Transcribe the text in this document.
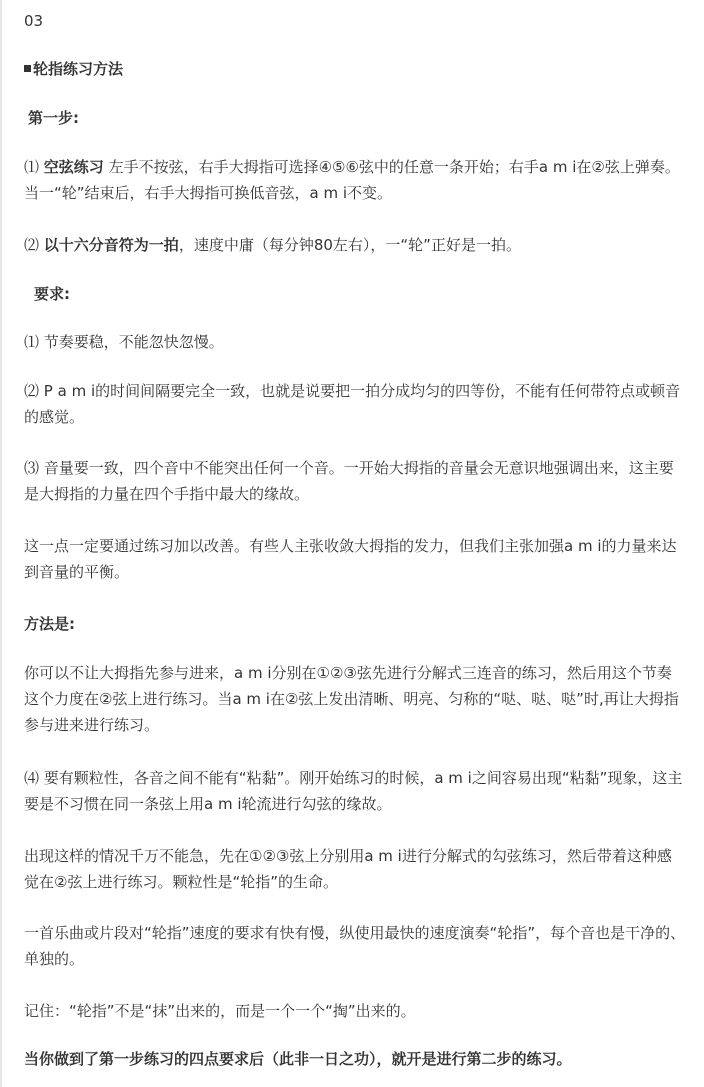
03
轮指练习方法
第一步:

⑴ 空弦练习 左手不按弦，右手大拇指可选择④⑤⑥弦中的任意一条开始；右手a m i在②弦上弹奏。当一“轮”结束后，右手大拇指可换低音弦，a m i不变。

⑵ 以十六分音符为一拍，速度中庸（每分钟80左右），一“轮”正好是一拍。

要求:

⑴ 节奏要稳，不能忽快忽慢。

⑵ P a m i的时间间隔要完全一致，也就是说要把一拍分成均匀的四等份，不能有任何带符点或顿音的感觉。

⑶ 音量要一致，四个音中不能突出任何一个音。一开始大拇指的音量会无意识地强调出来，这主要是大拇指的力量在四个手指中最大的缘故。

这一点一定要通过练习加以改善。有些人主张收敛大拇指的发力，但我们主张加强a m i的力量来达到音量的平衡。

方法是:

你可以不让大拇指先参与进来，a m i分别在①②③弦先进行分解式三连音的练习，然后用这个节奏这个力度在②弦上进行练习。当a m i在②弦上发出清晰、明亮、匀称的“哒、哒、哒”时,再让大拇指参与进来进行练习。

⑷ 要有颗粒性，各音之间不能有“粘黏”。刚开始练习的时候，a m i之间容易出现“粘黏”现象，这主要是不习惯在同一条弦上用a m i轮流进行勾弦的缘故。

出现这样的情况千万不能急，先在①②③弦上分别用a m i进行分解式的勾弦练习，然后带着这种感觉在②弦上进行练习。颗粒性是“轮指”的生命。

一首乐曲或片段对“轮指”速度的要求有快有慢，纵使用最快的速度演奏“轮指”，每个音也是干净的、单独的。

记住：“轮指”不是“抹”出来的，而是一个一个“掏”出来的。

当你做到了第一步练习的四点要求后（此非一日之功），就开是进行第二步的练习。
